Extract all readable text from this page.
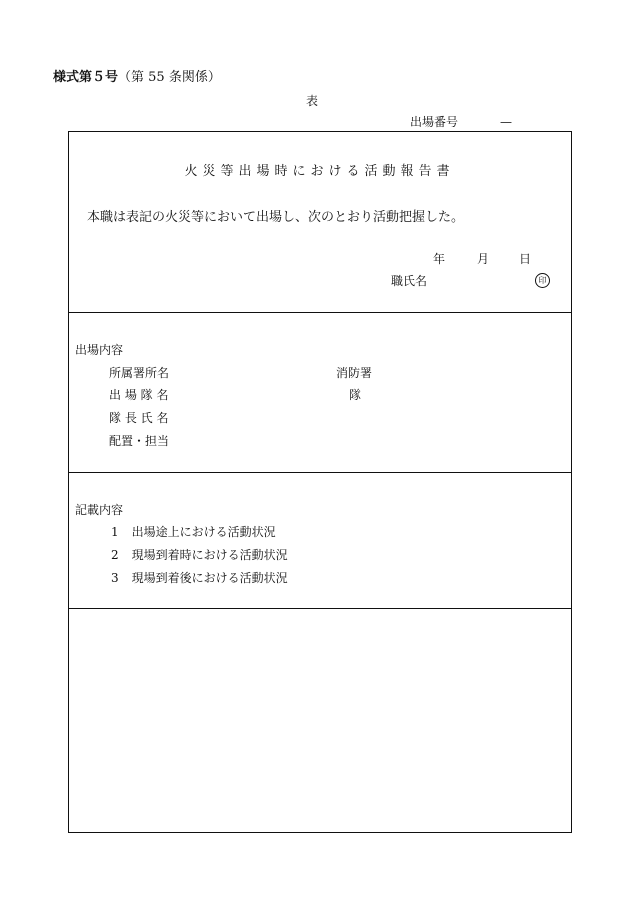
様式第５号（第 55 条関係）
表
出場番号	—
火災等出場時における活動報告書
本職は表記の火災等において出場し、次のとおり活動把握した。
年	月 日
職氏名	印
出場内容
所属署所名	消防署
出 場 隊 名	隊
隊 長 氏 名
配置・担当
記載内容
1 出場途上における活動状況
2 現場到着時における活動状況
3 現場到着後における活動状況
